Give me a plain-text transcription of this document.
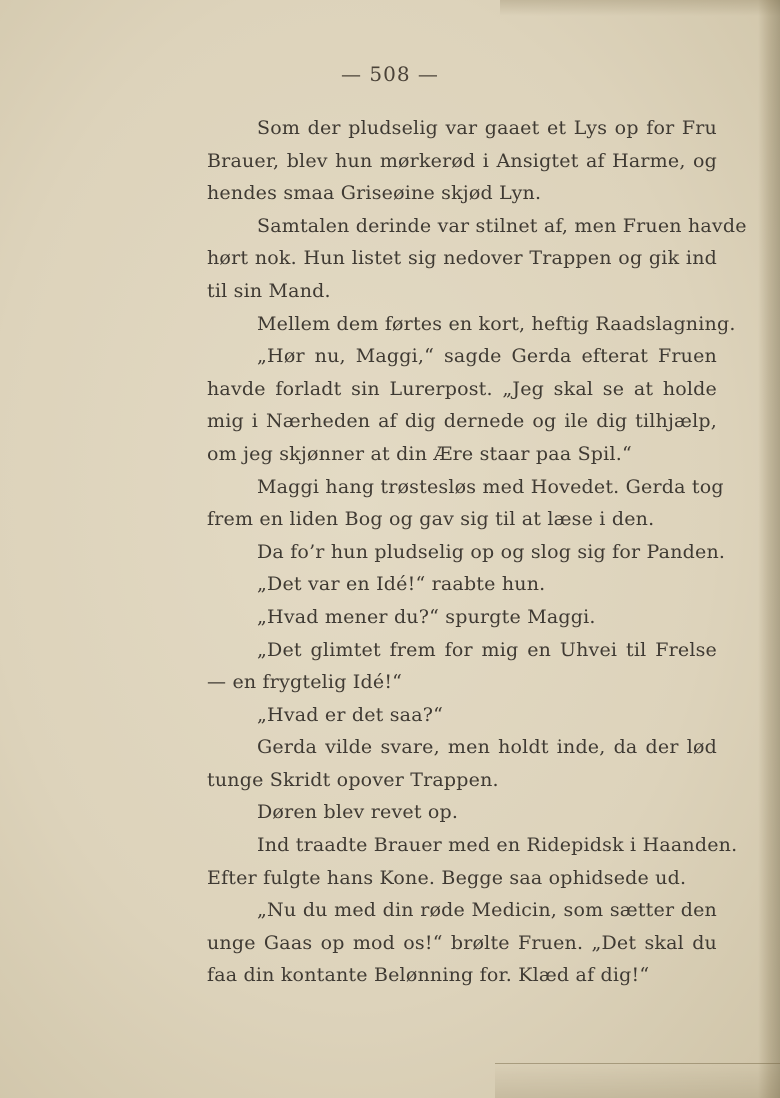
— 508 —
Som der pludselig var gaaet et Lys op for Fru
Brauer, blev hun mørkerød i Ansigtet af Harme, og
hendes smaa Griseøine skjød Lyn.
Samtalen derinde var stilnet af, men Fruen havde
hørt nok. Hun listet sig nedover Trappen og gik ind
til sin Mand.
Mellem dem førtes en kort, heftig Raadslagning.
„Hør nu, Maggi,“ sagde Gerda efterat Fruen
havde forladt sin Lurerpost. „Jeg skal se at holde
mig i Nærheden af dig dernede og ile dig tilhjælp,
om jeg skjønner at din Ære staar paa Spil.“
Maggi hang trøstesløs med Hovedet. Gerda tog
frem en liden Bog og gav sig til at læse i den.
Da fo’r hun pludselig op og slog sig for Panden.
„Det var en Idé!“ raabte hun.
„Hvad mener du?“ spurgte Maggi.
„Det glimtet frem for mig en Uhvei til Frelse
— en frygtelig Idé!“
„Hvad er det saa?“
Gerda vilde svare, men holdt inde, da der lød
tunge Skridt opover Trappen.
Døren blev revet op.
Ind traadte Brauer med en Ridepidsk i Haanden.
Efter fulgte hans Kone. Begge saa ophidsede ud.
„Nu du med din røde Medicin, som sætter den
unge Gaas op mod os!“ brølte Fruen. „Det skal du
faa din kontante Belønning for. Klæd af dig!“
